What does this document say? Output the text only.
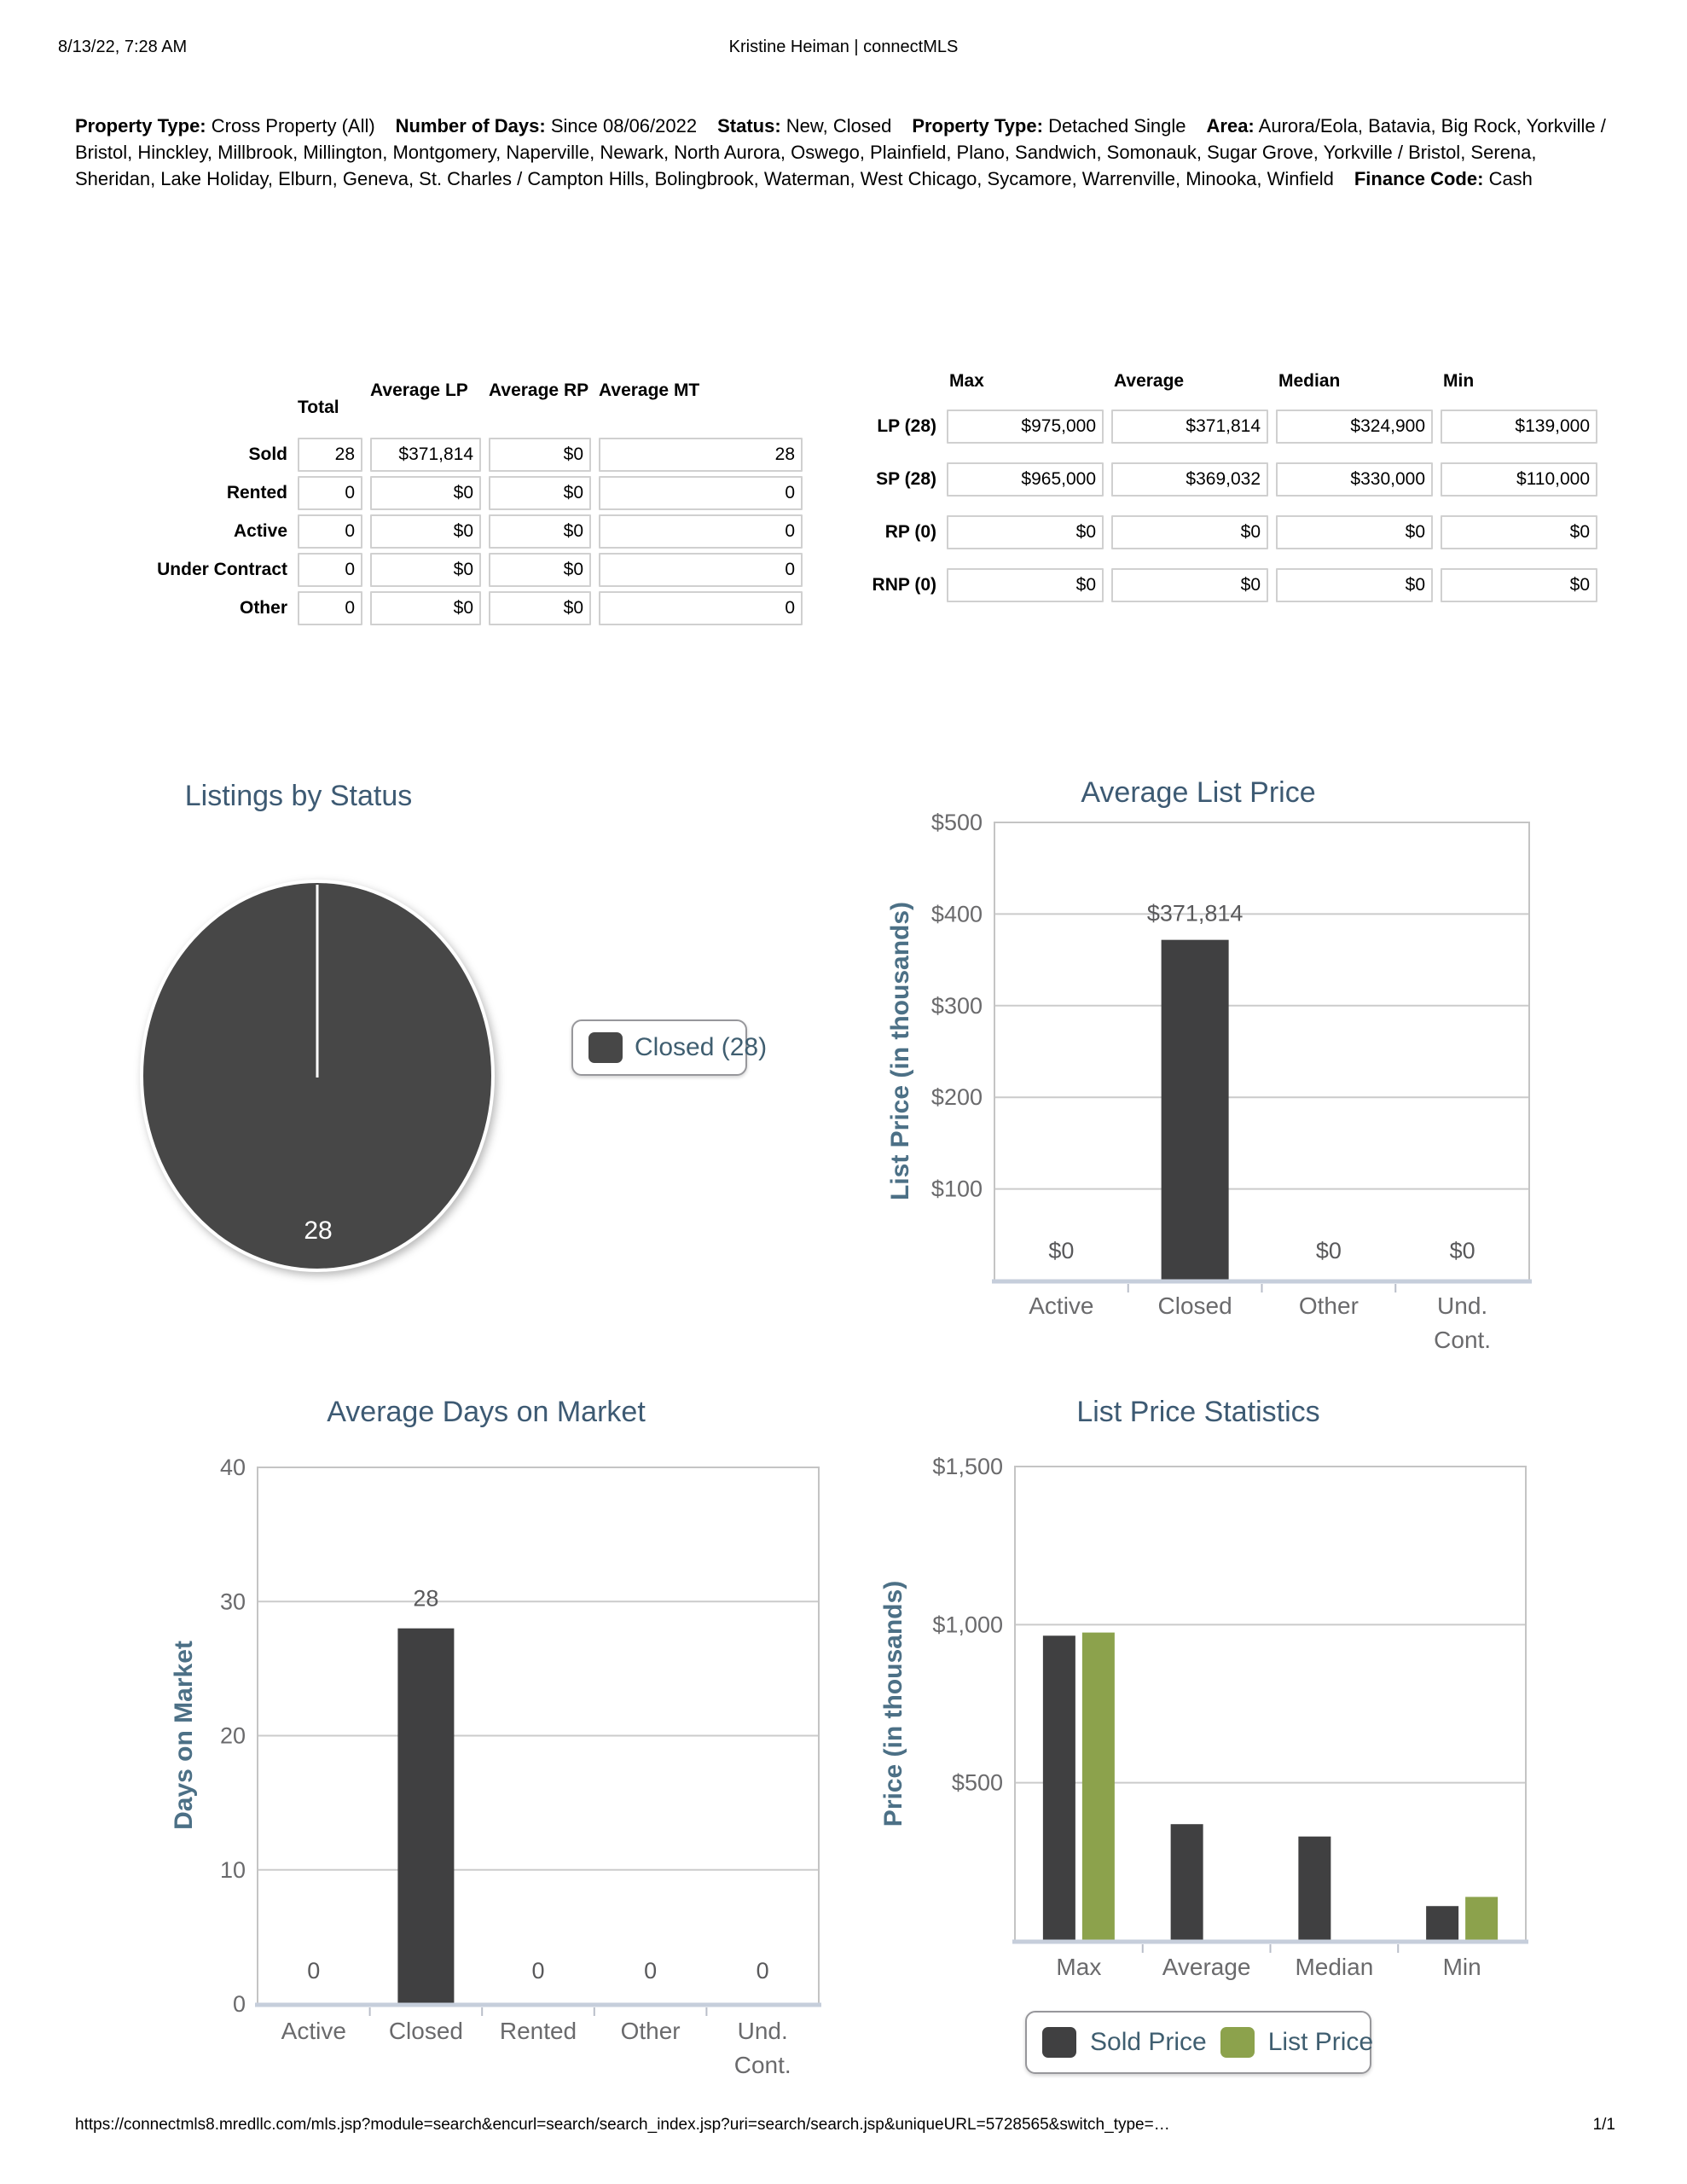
8/13/22, 7:28 AM	Kristine Heiman | connectMLS
Property Type: Cross Property (All) Number of Days: Since 08/06/2022 Status: New, Closed Property Type: Detached Single Area: Aurora/Eola, Batavia, Big Rock, Yorkville / Bristol, Hinckley, Millbrook, Millington, Montgomery, Naperville, Newark, North Aurora, Oswego, Plainfield, Plano, Sandwich, Somonauk, Sugar Grove, Yorkville / Bristol, Serena, Sheridan, Lake Holiday, Elburn, Geneva, St. Charles / Campton Hills, Bolingbrook, Waterman, West Chicago, Sycamore, Warrenville, Minooka, Winfield Finance Code: Cash
Total
Average LP	Average RP Average MT
Sold	28	$371,814	$0	28
Rented	0	$0	$0	0
Active	0	$0	$0	0
Under Contract	0	$0	$0	0
Other	0	$0	$0	0
Max	Average	Median	Min
LP (28)	$975,000	$371,814	$324,900	$139,000
SP (28)	$965,000	$369,032	$330,000	$110,000
RP (0)	$0	$0	$0	$0
RNP (0)	$0	$0	$0	$0
Listings by Status
Closed (28)
28
Average List Price
List Price (in thousands)
$500
$400
$300
$200
$100
$0
$371,814
$0	$0
Active	Closed	Other	Und.
Cont.
Average Days on Market
Days on Market
40
30
20
10
0
0
28
0	0	0
Active Closed Rented Other Und.
Cont.
List Price Statistics
Price (in thousands)
Sold Price List Price
$1,500
$1,000
$500
Max	Average Median	Min
https://connectmls8.mredllc.com/mls.jsp?module=search&encurl=search/search_index.jsp?uri=search/search.jsp&uniqueURL=5728565&switch_type=…	1/1
